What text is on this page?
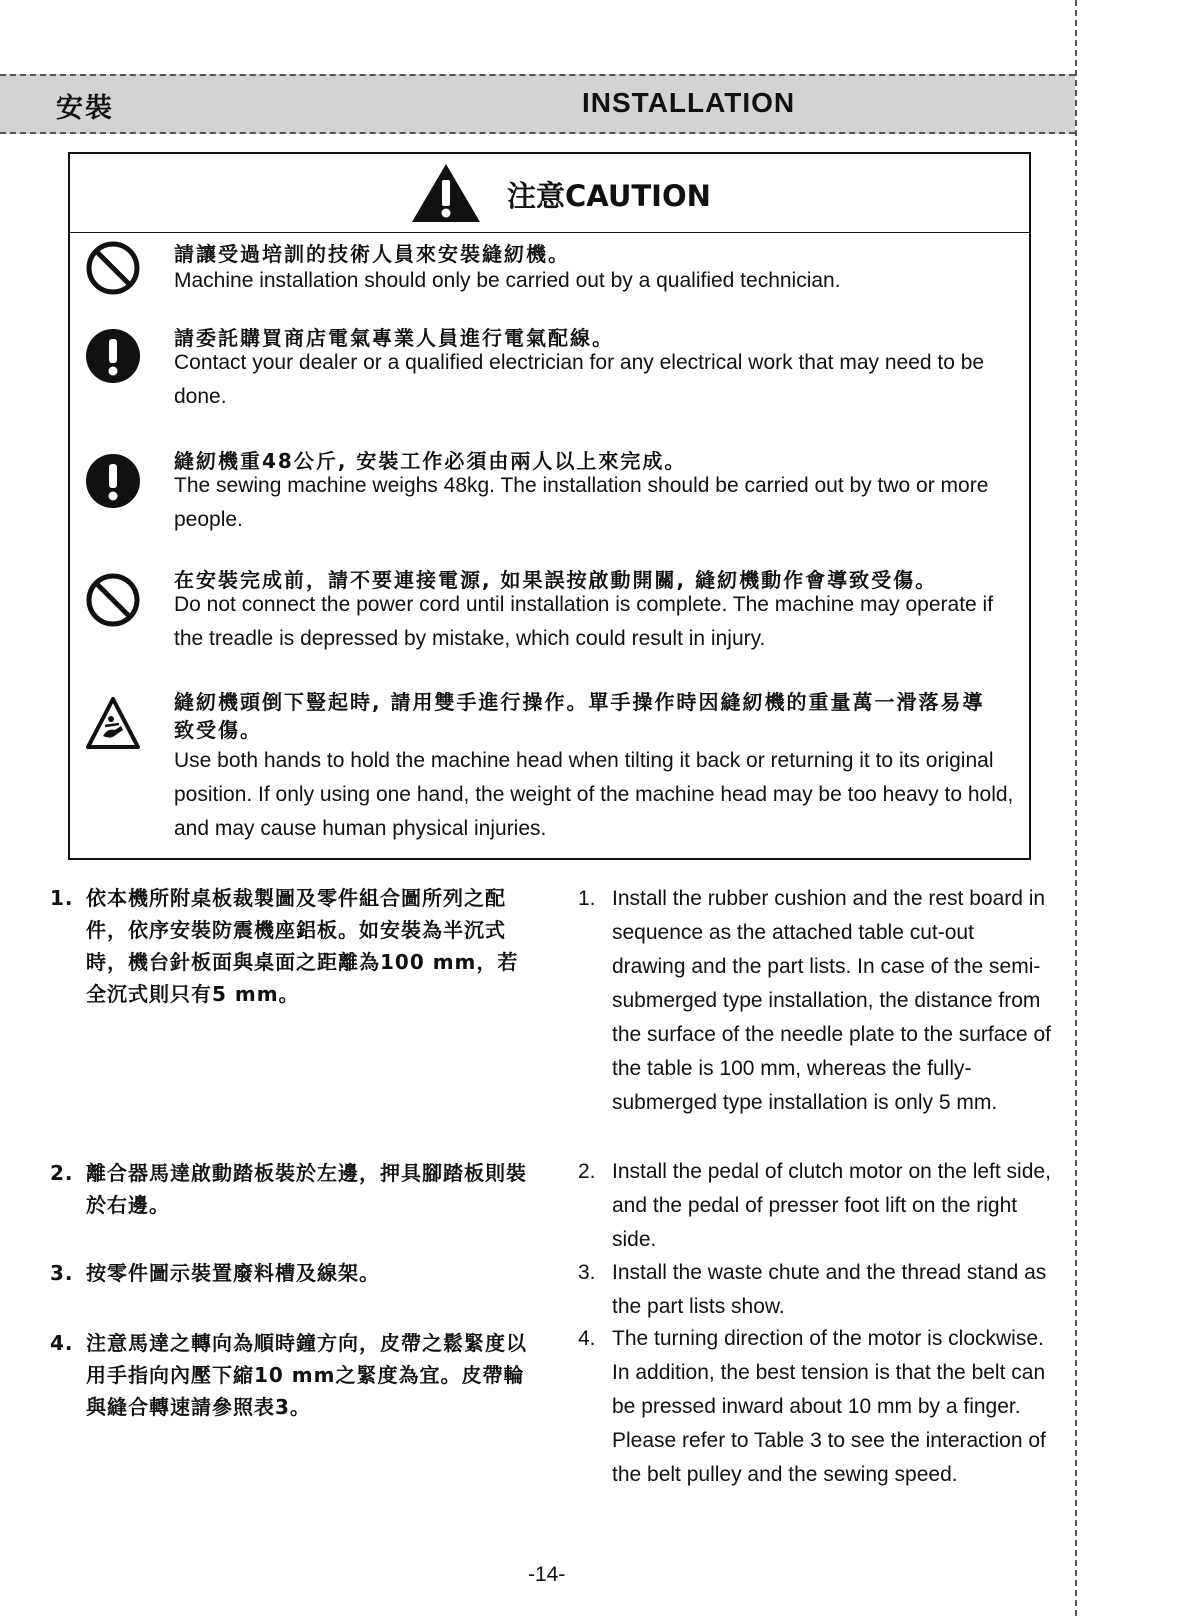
安裝	INSTALLATION
注意CAUTION
請讓受過培訓的技術人員來安裝縫紉機。
Machine installation should only be carried out by a qualified technician.
請委託購買商店電氣專業人員進行電氣配線。
Contact your dealer or a qualified electrician for any electrical work that may need to be done.
縫紉機重48公斤, 安裝工作必須由兩人以上來完成。
The sewing machine weighs 48kg. The installation should be carried out by two or more people.
在安裝完成前，請不要連接電源, 如果誤按啟動開關, 縫紉機動作會導致受傷。
Do not connect the power cord until installation is complete. The machine may operate if the treadle is depressed by mistake, which could result in injury.
縫紉機頭倒下豎起時, 請用雙手進行操作。單手操作時因縫紉機的重量萬一滑落易導致受傷。
Use both hands to hold the machine head when tilting it back or returning it to its original position. If only using one hand, the weight of the machine head may be too heavy to hold, and may cause human physical injuries.
1. 依本機所附桌板裁製圖及零件組合圖所列之配件，依序安裝防震機座鋁板。如安裝為半沉式時，機台針板面與桌面之距離為100 mm，若全沉式則只有5 mm。
2. 離合器馬達啟動踏板裝於左邊，押具腳踏板則裝於右邊。
3. 按零件圖示裝置廢料槽及線架。
4. 注意馬達之轉向為順時鐘方向，皮帶之鬆緊度以用手指向內壓下縮10 mm之緊度為宜。皮帶輪與縫合轉速請參照表3。
1. Install the rubber cushion and the rest board in sequence as the attached table cut-out drawing and the part lists. In case of the semi-submerged type installation, the distance from the surface of the needle plate to the surface of the table is 100 mm, whereas the fully-submerged type installation is only 5 mm.
2. Install the pedal of clutch motor on the left side, and the pedal of presser foot lift on the right side.
3. Install the waste chute and the thread stand as the part lists show.
4. The turning direction of the motor is clockwise. In addition, the best tension is that the belt can be pressed inward about 10 mm by a finger. Please refer to Table 3 to see the interaction of the belt pulley and the sewing speed.
-14-
